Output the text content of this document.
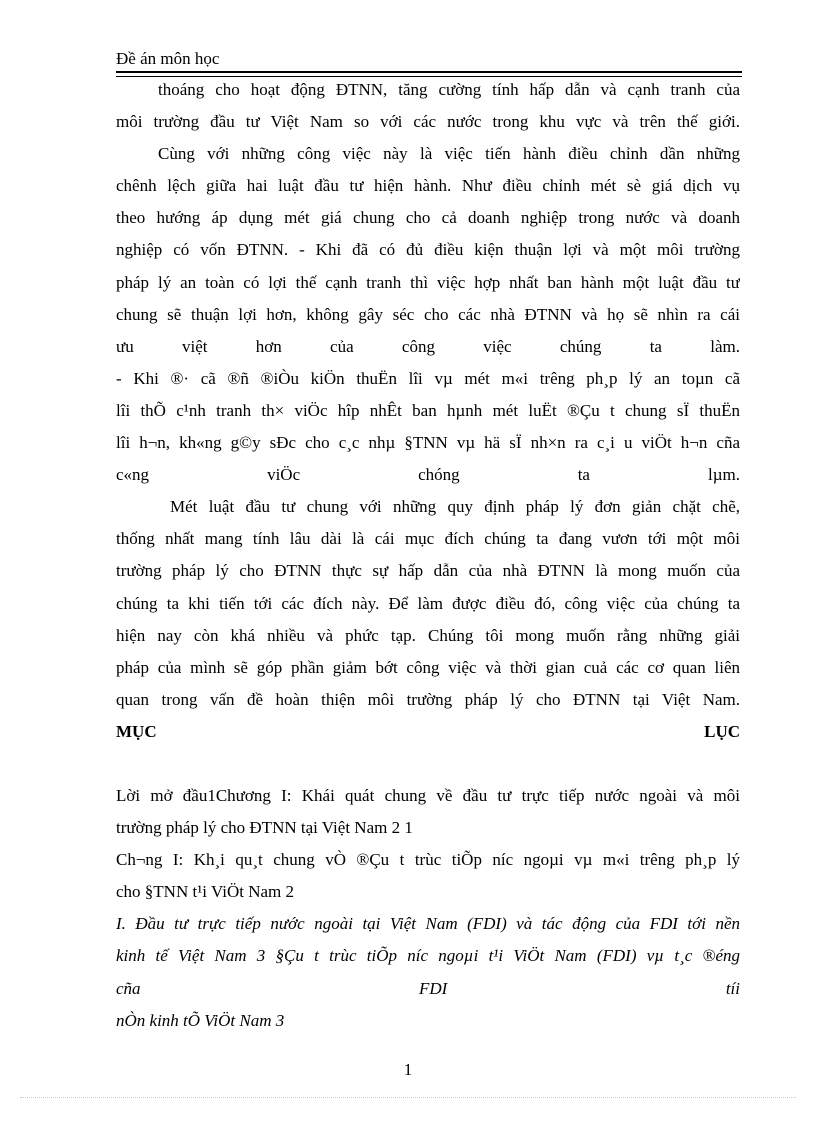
Đề án môn học
thoáng cho hoạt động ĐTNN, tăng cường tính hấp dẫn và cạnh tranh của
môi trường đầu tư Việt Nam so với các nước trong khu vực và trên thế giới.
Cùng với những công việc này là việc tiến hành điều chỉnh dần những
chênh lệch giữa hai luật đầu tư hiện hành. Như điều chỉnh mét sè giá dịch vụ
theo hướng áp dụng mét giá chung cho cả doanh nghiệp trong nước và doanh
nghiệp có vốn ĐTNN. - Khi đã có đủ điều kiện thuận lợi và một môi trường
pháp lý an toàn có lợi thế cạnh tranh thì việc hợp nhất ban hành một luật đầu tư
chung sẽ thuận lợi hơn, không gây séc cho các nhà ĐTNN và họ sẽ nhìn ra cái
ưu việt hơn của công việc chúng ta làm.
- Khi ®· cã ®ñ ®iÒu kiÖn thuËn lîi vµ mét m«i trêng ph¸p lý an toµn cã
lîi thÕ c¹nh tranh th× viÖc hîp nhÊt ban hµnh mét luËt ®Çu t chung sÏ thuËn
lîi h¬n, kh«ng g©y sÐc cho c¸c nhµ §TNN vµ hä sÏ nh×n ra c¸i u viÖt h¬n cña
c«ng viÖc chóng ta lµm.
Mét luật đầu tư chung với những quy định pháp lý đơn giản chặt chẽ,
thống nhất mang tính lâu dài là cái mục đích chúng ta đang vươn tới một môi
trường pháp lý cho ĐTNN thực sự hấp dẫn của nhà ĐTNN là mong muốn của
chúng ta khi tiến tới các đích này. Để làm được điều đó, công việc của chúng ta
hiện nay còn khá nhiều và phức tạp. Chúng tôi mong muốn rằng những giải
pháp của mình sẽ góp phần giảm bớt công việc và thời gian cuả các cơ quan liên
quan trong vấn đề hoàn thiện môi trường pháp lý cho ĐTNN tại Việt Nam.
MỤC LỤC
Lời mở đầu1Chương I: Khái quát chung về đầu tư trực tiếp nước ngoài và môi
trường pháp lý cho ĐTNN tại Việt Nam 2 1
Ch¬ng I: Kh¸i qu¸t chung vÒ ®Çu t trùc tiÕp níc ngoµi vµ m«i trêng ph¸p lý
cho §TNN t¹i ViÖt Nam 2
I. Đầu tư trực tiếp nước ngoài tại Việt Nam (FDI) và tác động của FDI tới nền
kinh tế Việt Nam 3 §Çu t trùc tiÕp níc ngoµi t¹i ViÖt Nam (FDI) vµ t¸c ®éng
cña FDI tíi
nÒn kinh tÕ ViÖt Nam 3
1
